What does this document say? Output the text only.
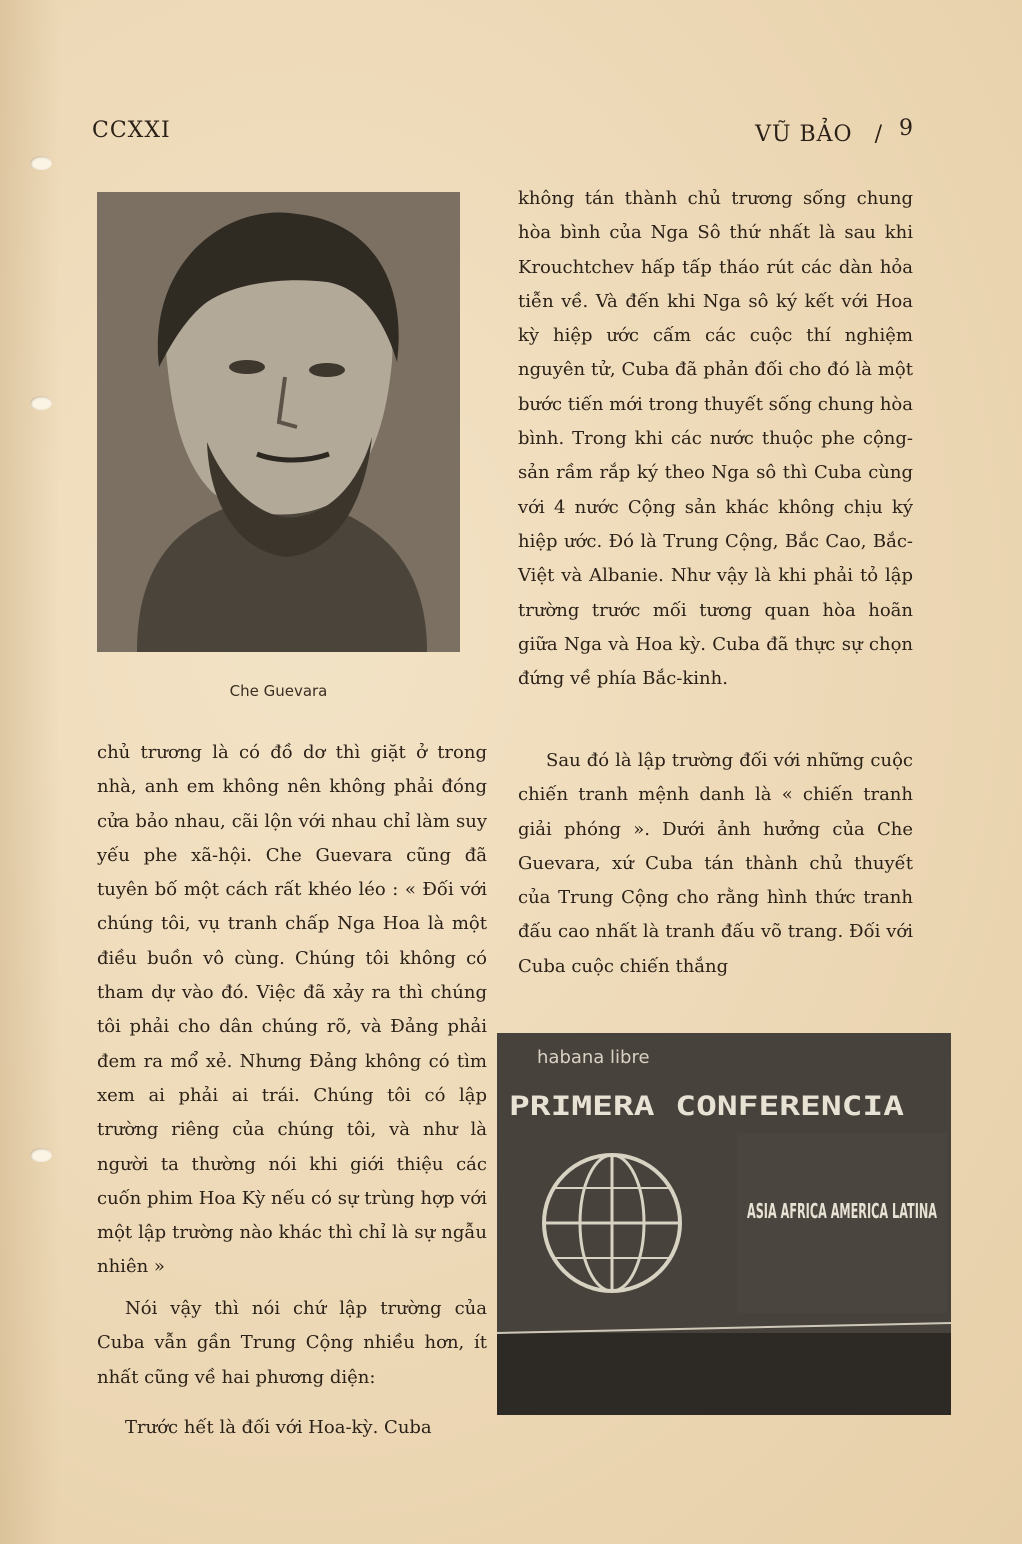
CCXXI	VŨ BẢO / 9
Che Guevara

không tán thành chủ trương sống chung hòa bình của Nga Sô thứ nhất là sau khi Krouchtchev hấp tấp tháo rút các dàn hỏa tiễn về. Và đến khi Nga sô ký kết với Hoa kỳ hiệp ước cấm các cuộc thí nghiệm nguyên tử, Cuba đã phản đối cho đó là một bước tiến mới trong thuyết sống chung hòa bình. Trong khi các nước thuộc phe cộng-sản rầm rắp ký theo Nga sô thì Cuba cùng với 4 nước Cộng sản khác không chịu ký hiệp ước. Đó là Trung Cộng, Bắc Cao, Bắc-Việt và Albanie. Như vậy là khi phải tỏ lập trường trước mối tương quan hòa hoãn giữa Nga và Hoa kỳ. Cuba đã thực sự chọn đứng về phía Bắc-kinh.

Sau đó là lập trường đối với những cuộc chiến tranh mệnh danh là « chiến tranh giải phóng ». Dưới ảnh hưởng của Che Guevara, xứ Cuba tán thành chủ thuyết của Trung Cộng cho rằng hình thức tranh đấu cao nhất là tranh đấu võ trang. Đối với Cuba cuộc chiến thắng

chủ trương là có đồ dơ thì giặt ở trong nhà, anh em không nên không phải đóng cửa bảo nhau, cãi lộn với nhau chỉ làm suy yếu phe xã-hội. Che Guevara cũng đã tuyên bố một cách rất khéo léo : « Đối với chúng tôi, vụ tranh chấp Nga Hoa là một điều buồn vô cùng. Chúng tôi không có tham dự vào đó. Việc đã xảy ra thì chúng tôi phải cho dân chúng rõ, và Đảng phải đem ra mổ xẻ. Nhưng Đảng không có tìm xem ai phải ai trái. Chúng tôi có lập trường riêng của chúng tôi, và như là người ta thường nói khi giới thiệu các cuốn phim Hoa Kỳ nếu có sự trùng hợp với một lập trường nào khác thì chỉ là sự ngẫu nhiên »

Nói vậy thì nói chứ lập trường của Cuba vẫn gần Trung Cộng nhiều hơn, ít nhất cũng về hai phương diện:

Trước hết là đối với Hoa-kỳ. Cuba

habana libre
PRIMERA CONFERENCIA
ASIA AFRICA AMERICA LATINA
